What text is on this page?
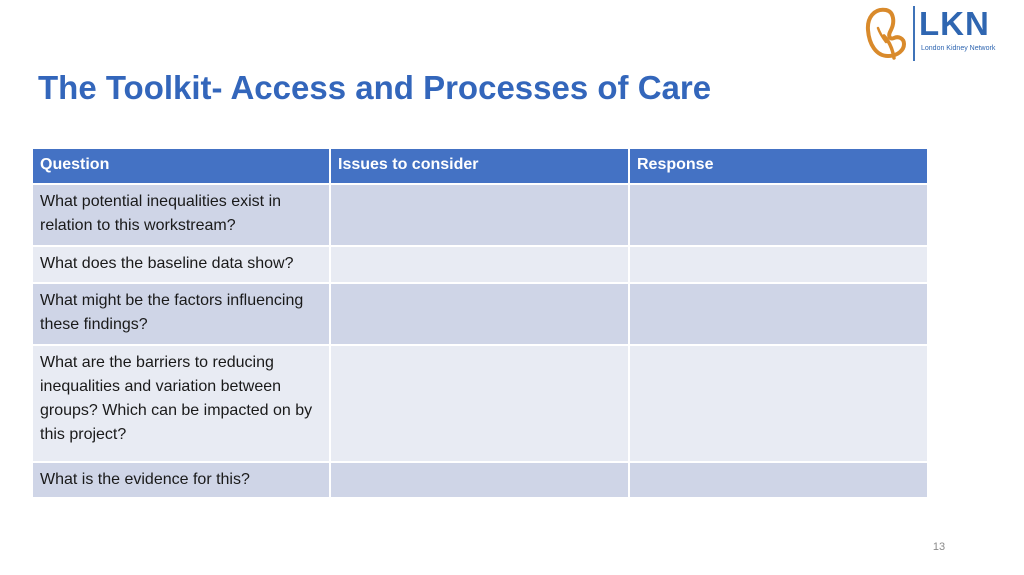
LKN
London Kidney Network
The Toolkit- Access and Processes of Care
Question	Issues to consider	Response
What potential inequalities exist in relation to this workstream?		
What does the baseline data show?		
What might be the factors influencing these findings?		
What are the barriers to reducing inequalities and variation between groups? Which can be impacted on by this project?		
What is the evidence for this?		
13
